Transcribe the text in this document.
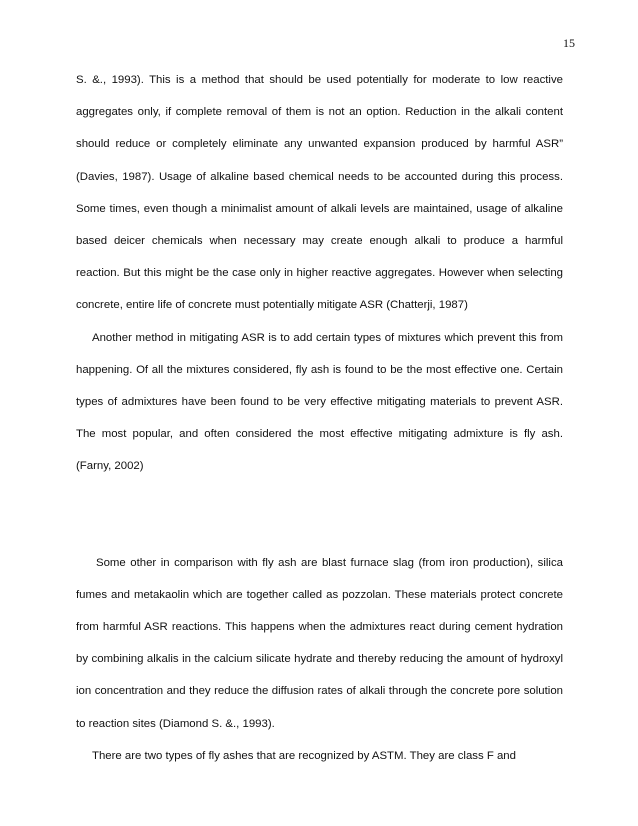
15

S. &., 1993). This is a method that should be used potentially for moderate to low reactive aggregates only, if complete removal of them is not an option. Reduction in the alkali content should reduce or completely eliminate any unwanted expansion produced by harmful ASR” (Davies, 1987). Usage of alkaline based chemical needs to be accounted during this process. Some times, even though a minimalist amount of alkali levels are maintained, usage of alkaline based deicer chemicals when necessary may create enough alkali to produce a harmful reaction. But this might be the case only in higher reactive aggregates. However when selecting concrete, entire life of concrete must potentially mitigate ASR (Chatterji, 1987)

Another method in mitigating ASR is to add certain types of mixtures which prevent this from happening. Of all the mixtures considered, fly ash is found to be the most effective one. Certain types of admixtures have been found to be very effective mitigating materials to prevent ASR. The most popular, and often considered the most effective mitigating admixture is fly ash. (Farny, 2002)

Some other in comparison with fly ash are blast furnace slag (from iron production), silica fumes and metakaolin which are together called as pozzolan. These materials protect concrete from harmful ASR reactions. This happens when the admixtures react during cement hydration by combining alkalis in the calcium silicate hydrate and thereby reducing the amount of hydroxyl ion concentration and they reduce the diffusion rates of alkali through the concrete pore solution to reaction sites (Diamond S. &., 1993).

There are two types of fly ashes that are recognized by ASTM. They are class F and
